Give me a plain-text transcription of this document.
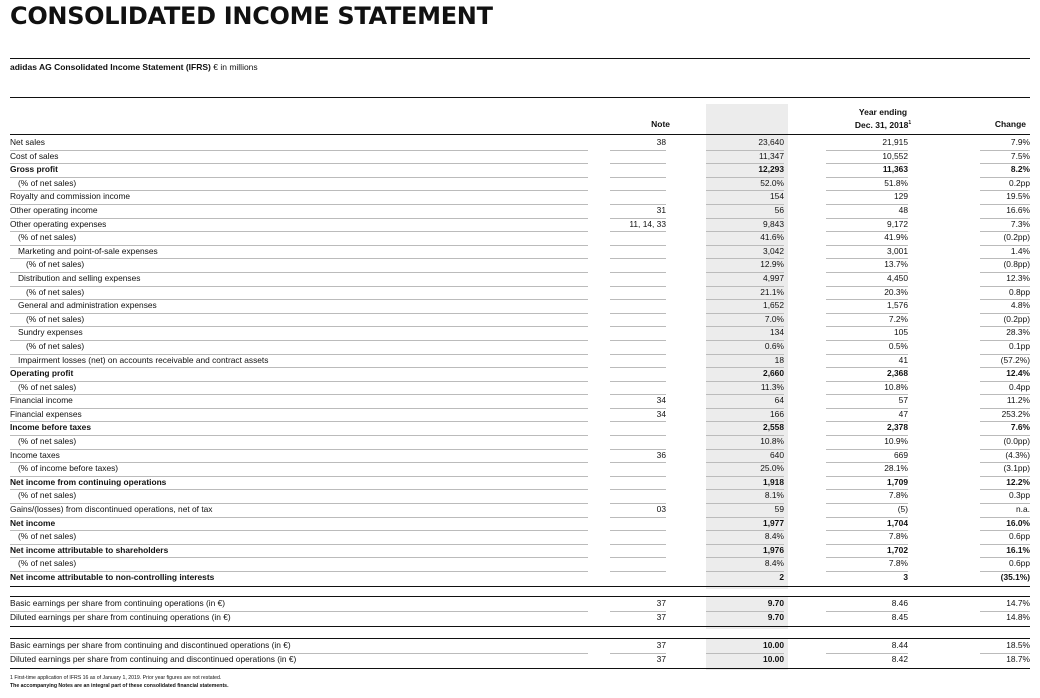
CONSOLIDATED INCOME STATEMENT
adidas AG Consolidated Income Statement (IFRS) € in millions
Note
Year ending
Dec. 31, 2018$^1$	Change
Net sales	38	23,640	21,915	7.9%
Cost of sales	11,347	10,552	7.5%
Gross profit	12,293	11,363	8.2%
(% of net sales)	52.0%	51.8%	0.2pp
Royalty and commission income	154	129	19.5%
Other operating income	31	56	48	16.6%
Other operating expenses	11, 14, 33	9,843	9,172	7.3%
(% of net sales)	41.6%	41.9%	(0.2pp)
Marketing and point-of-sale expenses	3,042	3,001	1.4%
(% of net sales)	12.9%	13.7%	(0.8pp)
Distribution and selling expenses	4,997	4,450	12.3%
(% of net sales)	21.1%	20.3%	0.8pp
General and administration expenses	1,652	1,576	4.8%
(% of net sales)	7.0%	7.2%	(0.2pp)
Sundry expenses	134	105	28.3%
(% of net sales)	0.6%	0.5%	0.1pp
Impairment losses (net) on accounts receivable and contract assets	18	41	(57.2%)
Operating profit	2,660	2,368	12.4%
(% of net sales)	11.3%	10.8%	0.4pp
Financial income	34	64	57	11.2%
Financial expenses	34	166	47	253.2%
Income before taxes	2,558	2,378	7.6%
(% of net sales)	10.8%	10.9%	(0.0pp)
Income taxes	36	640	669	(4.3%)
(% of income before taxes)	25.0%	28.1%	(3.1pp)
Net income from continuing operations	1,918	1,709	12.2%
(% of net sales)	8.1%	7.8%	0.3pp
Gains/(losses) from discontinued operations, net of tax	03	59	(5)	n.a.
Net income	1,977	1,704	16.0%
(% of net sales)	8.4%	7.8%	0.6pp
Net income attributable to shareholders	1,976	1,702	16.1%
(% of net sales)	8.4%	7.8%	0.6pp
Net income attributable to non-controlling interests	2	3	(35.1%)
Basic earnings per share from continuing operations (in €)	37	9.70	8.46	14.7%
Diluted earnings per share from continuing operations (in €)	37	9.70	8.45	14.8%
Basic earnings per share from continuing and discontinued operations (in €)	37	10.00	8.44	18.5%
Diluted earnings per share from continuing and discontinued operations (in €)	37	10.00	8.42	18.7%
1 First-time application of IFRS 16 as of January 1, 2019. Prior year figures are not restated.
The accompanying Notes are an integral part of these consolidated financial statements.
